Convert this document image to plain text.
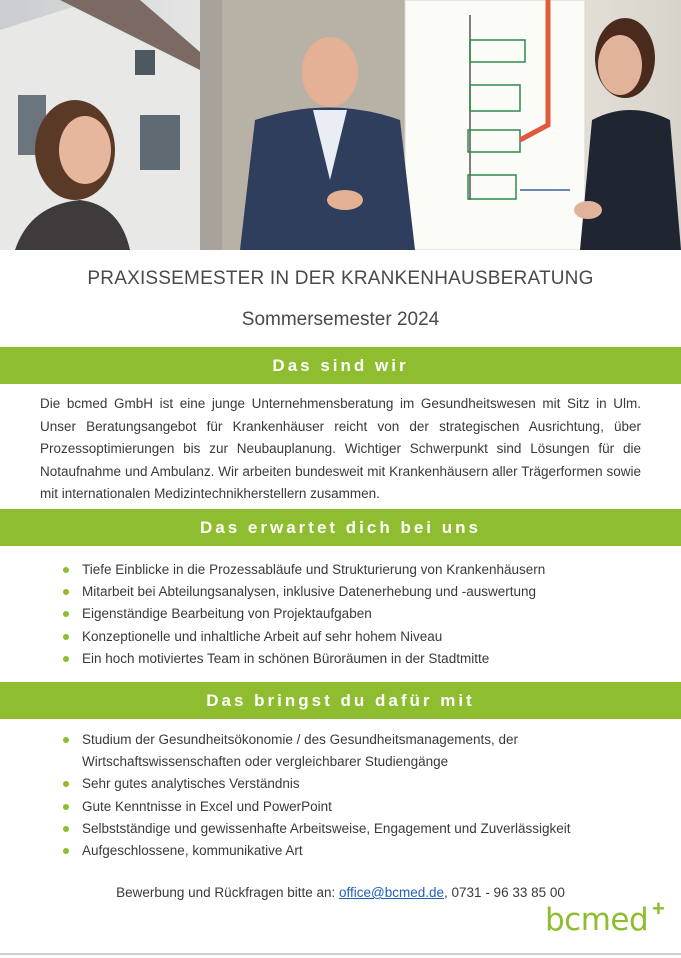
PRAXISSEMESTER IN DER KRANKENHAUSBERATUNG
Sommersemester 2024
Das sind wir
Die bcmed GmbH ist eine junge Unternehmensberatung im Gesundheitswesen mit Sitz in Ulm. Unser Beratungsangebot für Krankenhäuser reicht von der strategischen Ausrichtung, über Prozessoptimierungen bis zur Neubauplanung. Wichtiger Schwerpunkt sind Lösungen für die Notaufnahme und Ambulanz. Wir arbeiten bundesweit mit Krankenhäusern aller Trägerformen sowie mit internationalen Medizintechnikherstellern zusammen.
Das erwartet dich bei uns
Tiefe Einblicke in die Prozessabläufe und Strukturierung von Krankenhäusern
Mitarbeit bei Abteilungsanalysen, inklusive Datenerhebung und -auswertung
Eigenständige Bearbeitung von Projektaufgaben
Konzeptionelle und inhaltliche Arbeit auf sehr hohem Niveau
Ein hoch motiviertes Team in schönen Büroräumen in der Stadtmitte
Das bringst du dafür mit
Studium der Gesundheitsökonomie / des Gesundheitsmanagements, der Wirtschaftswissenschaften oder vergleichbarer Studiengänge
Sehr gutes analytisches Verständnis
Gute Kenntnisse in Excel und PowerPoint
Selbstständige und gewissenhafte Arbeitsweise, Engagement und Zuverlässigkeit
Aufgeschlossene, kommunikative Art
Bewerbung und Rückfragen bitte an: office@bcmed.de, 0731 - 96 33 85 00
bcmed +
